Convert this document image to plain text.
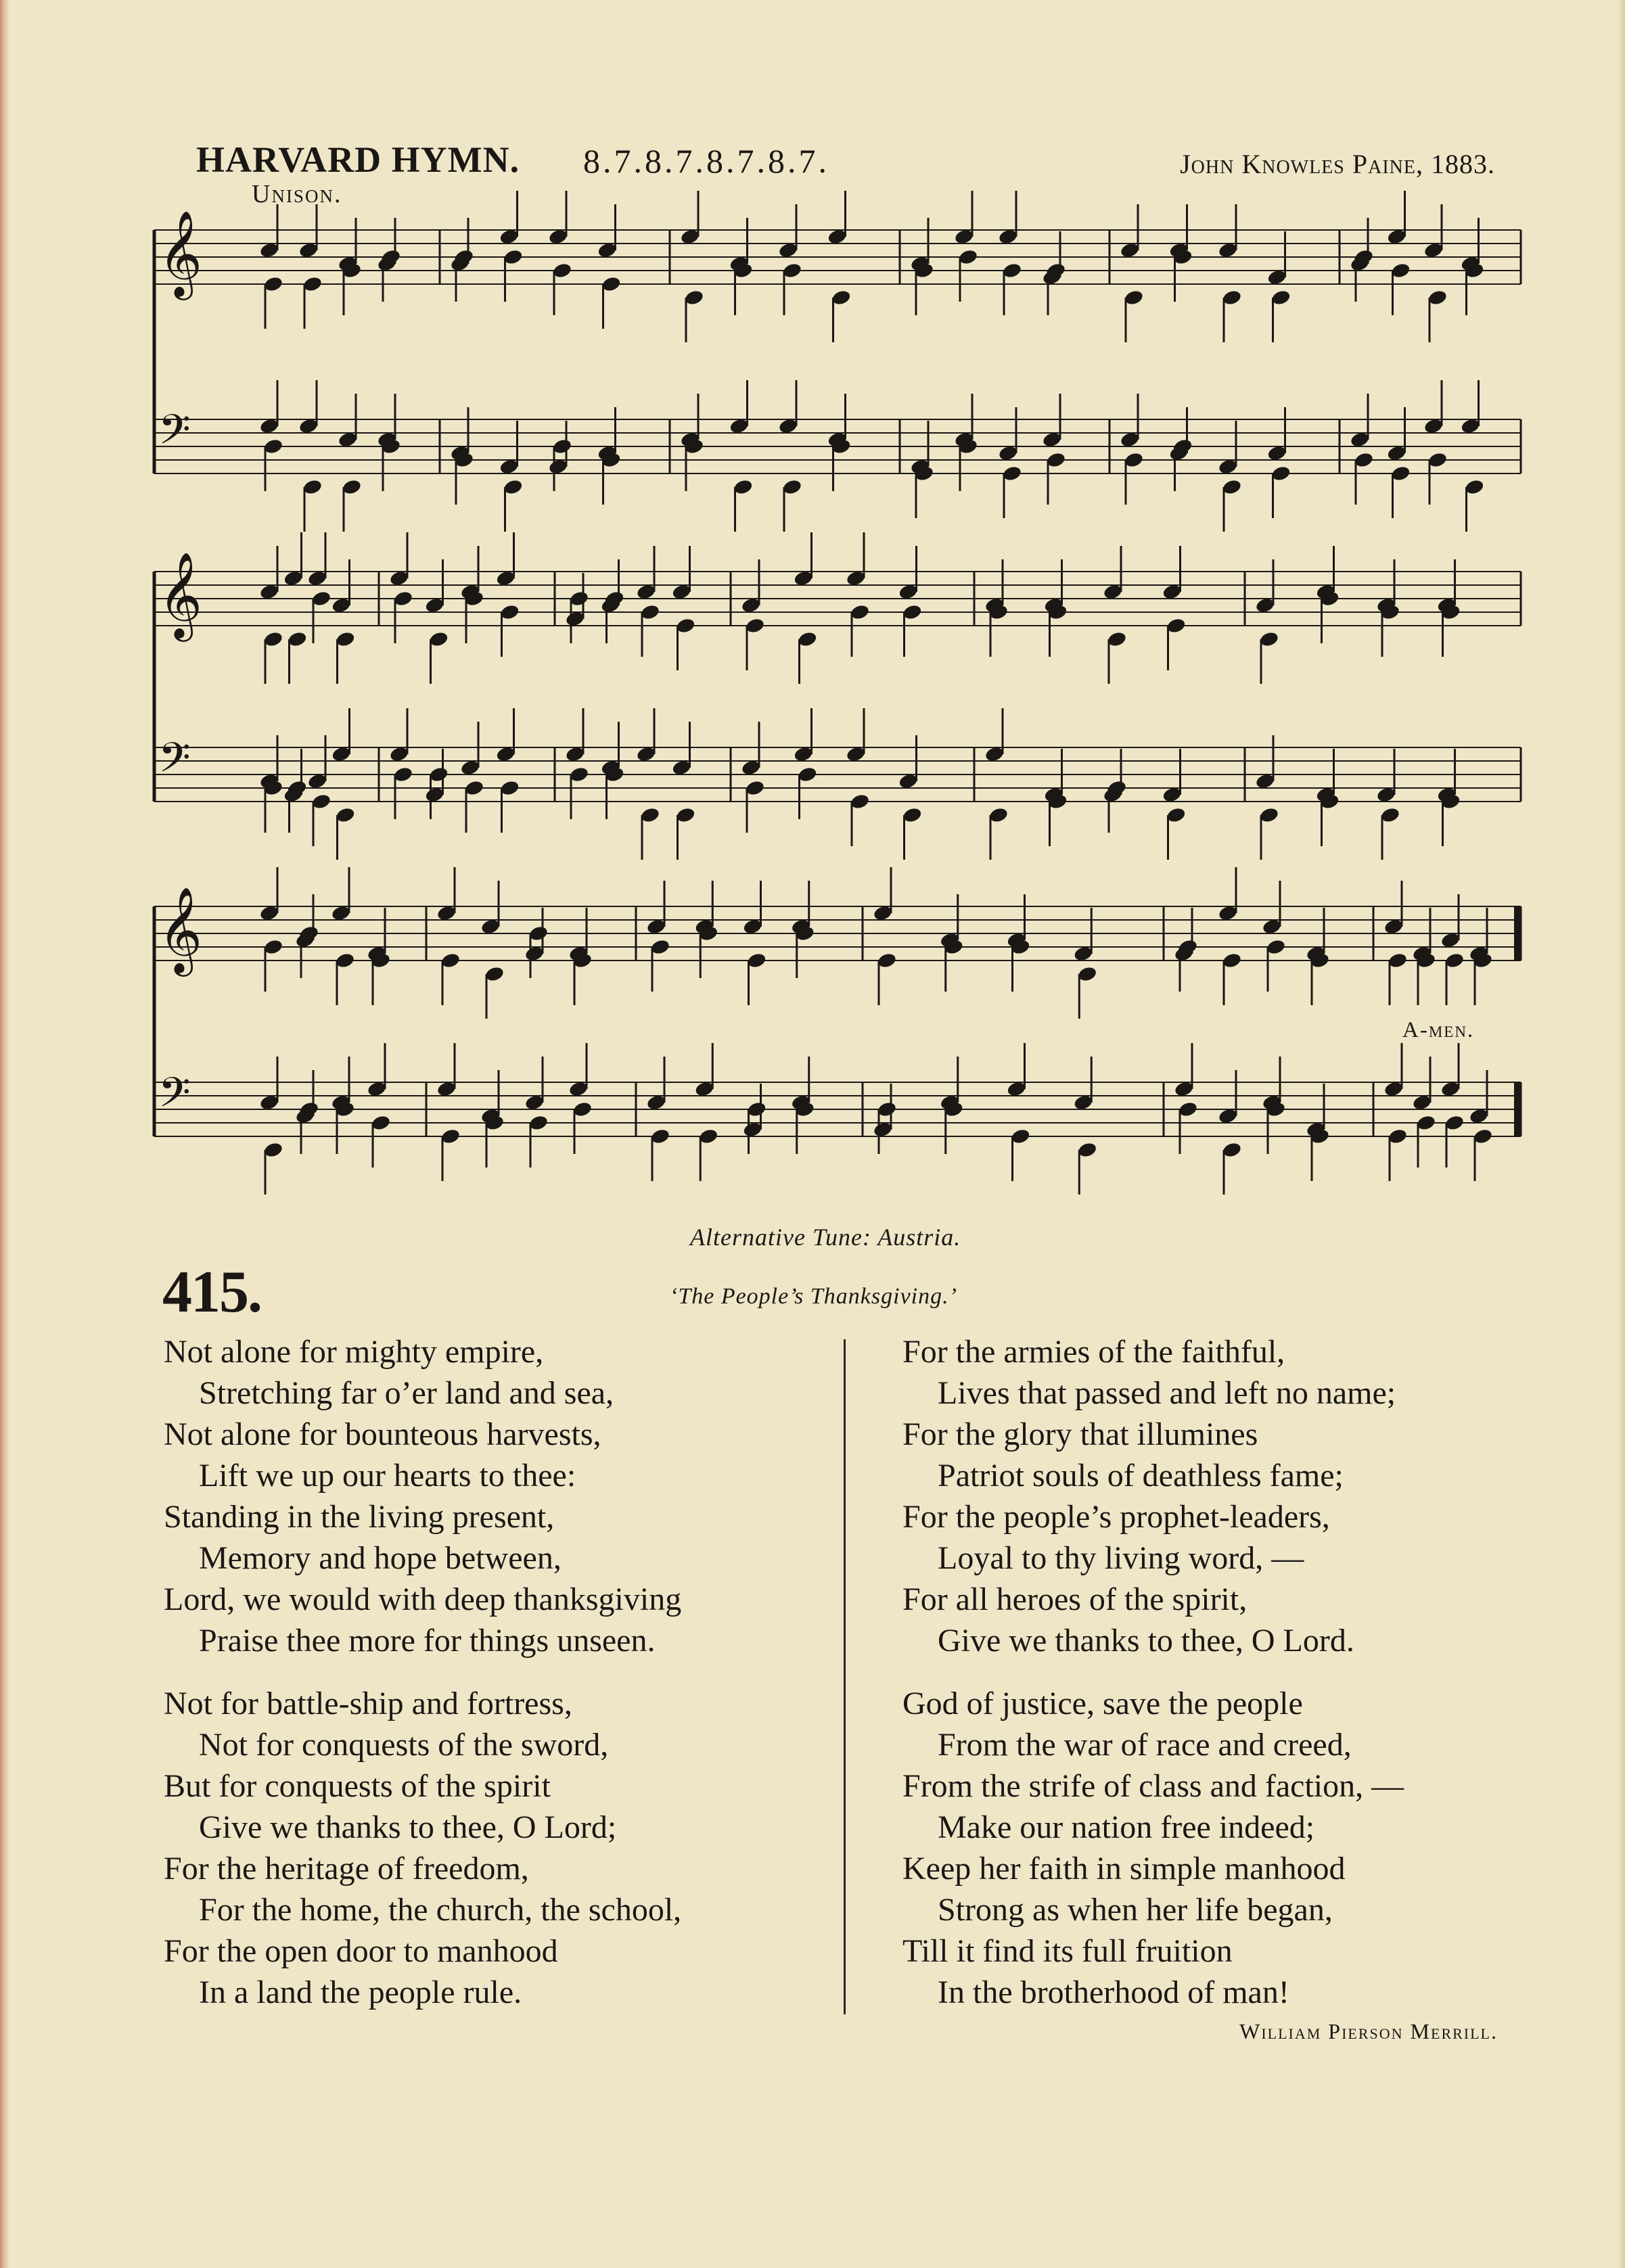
HARVARD HYMN. 8.7.8.7.8.7.8.7.	John Knowles Paine, 1883.
Unison.
𝄞
𝄢
𝄞
𝄢
𝄞
𝄢
A-men.
Alternative Tune: Austria.
415.	‘The People’s Thanksgiving.’
Not alone for mighty empire,
Stretching far o’er land and sea,
Not alone for bounteous harvests,
Lift we up our hearts to thee:
Standing in the living present,
Memory and hope between,
Lord, we would with deep thanksgiving
Praise thee more for things unseen.
Not for battle-ship and fortress,
Not for conquests of the sword,
But for conquests of the spirit
Give we thanks to thee, O Lord;
For the heritage of freedom,
For the home, the church, the school,
For the open door to manhood
In a land the people rule.
For the armies of the faithful,
Lives that passed and left no name;
For the glory that illumines
Patriot souls of deathless fame;
For the people’s prophet-leaders,
Loyal to thy living word, —
For all heroes of the spirit,
Give we thanks to thee, O Lord.
God of justice, save the people
From the war of race and creed,
From the strife of class and faction, —
Make our nation free indeed;
Keep her faith in simple manhood
Strong as when her life began,
Till it find its full fruition
In the brotherhood of man!
William Pierson Merrill.
